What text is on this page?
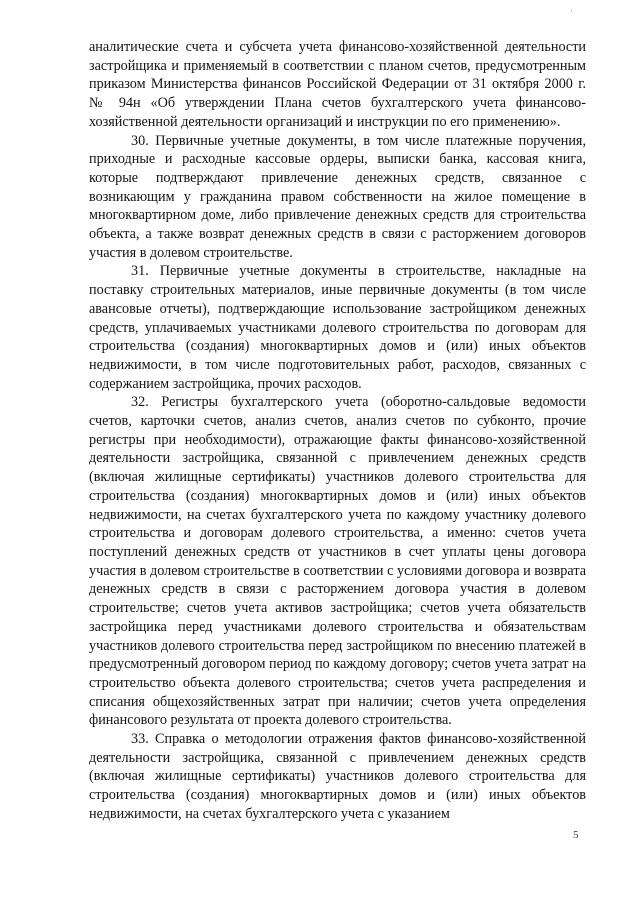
·

аналитические счета и субсчета учета финансово-хозяйственной деятельности застройщика и применяемый в соответствии с планом счетов, предусмотренным приказом Министерства финансов Российской Федерации от 31 октября 2000 г. № 94н «Об утверждении Плана счетов бухгалтерского учета финансово-хозяйственной деятельности организаций и инструкции по его применению».

30. Первичные учетные документы, в том числе платежные поручения, приходные и расходные кассовые ордеры, выписки банка, кассовая книга, которые подтверждают привлечение денежных средств, связанное с возникающим у гражданина правом собственности на жилое помещение в многоквартирном доме, либо привлечение денежных средств для строительства объекта, а также возврат денежных средств в связи с расторжением договоров участия в долевом строительстве.

31. Первичные учетные документы в строительстве, накладные на поставку строительных материалов, иные первичные документы (в том числе авансовые отчеты), подтверждающие использование застройщиком денежных средств, уплачиваемых участниками долевого строительства по договорам для строительства (создания) многоквартирных домов и (или) иных объектов недвижимости, в том числе подготовительных работ, расходов, связанных с содержанием застройщика, прочих расходов.

32. Регистры бухгалтерского учета (оборотно-сальдовые ведомости счетов, карточки счетов, анализ счетов, анализ счетов по субконто, прочие регистры при необходимости), отражающие факты финансово-хозяйственной деятельности застройщика, связанной с привлечением денежных средств (включая жилищные сертификаты) участников долевого строительства для строительства (создания) многоквартирных домов и (или) иных объектов недвижимости, на счетах бухгалтерского учета по каждому участнику долевого строительства и договорам долевого строительства, а именно: счетов учета поступлений денежных средств от участников в счет уплаты цены договора участия в долевом строительстве в соответствии с условиями договора и возврата денежных средств в связи с расторжением договора участия в долевом строительстве; счетов учета активов застройщика; счетов учета обязательств застройщика перед участниками долевого строительства и обязательствам участников долевого строительства перед застройщиком по внесению платежей в предусмотренный договором период по каждому договору; счетов учета затрат на строительство объекта долевого строительства; счетов учета распределения и списания общехозяйственных затрат при наличии; счетов учета определения финансового результата от проекта долевого строительства.

33. Справка о методологии отражения фактов финансово-хозяйственной деятельности застройщика, связанной с привлечением денежных средств (включая жилищные сертификаты) участников долевого строительства для строительства (создания) многоквартирных домов и (или) иных объектов недвижимости, на счетах бухгалтерского учета с указанием

5
